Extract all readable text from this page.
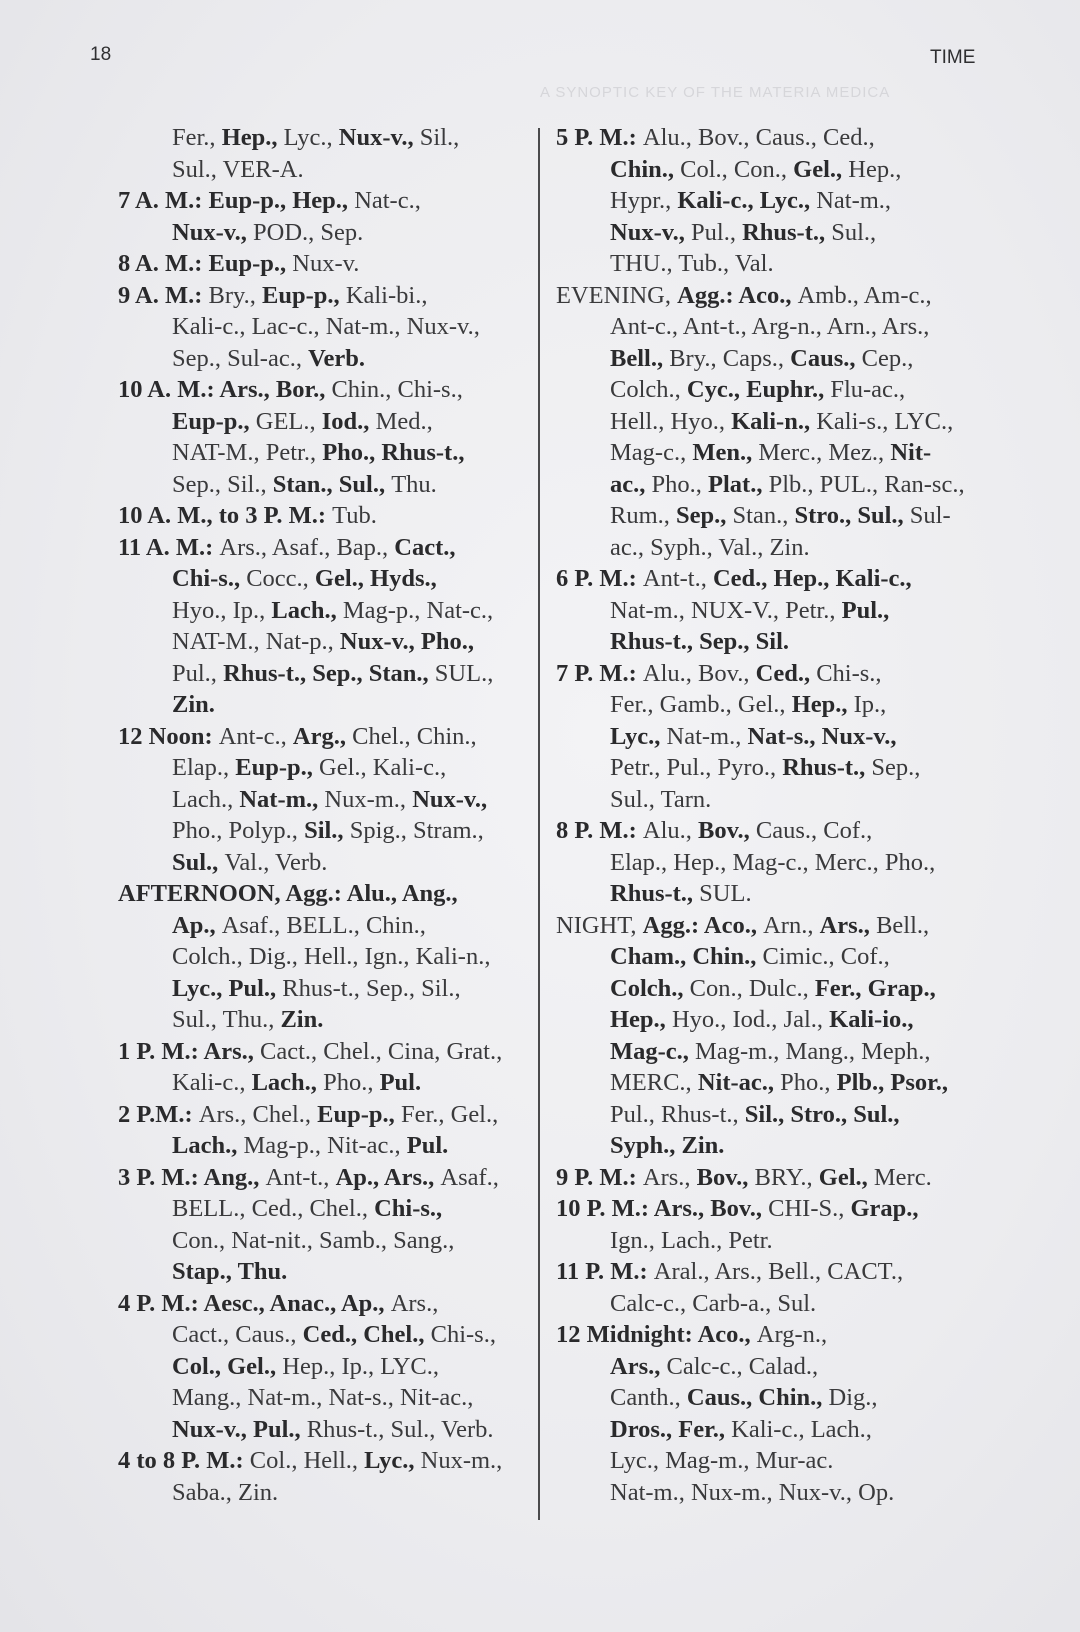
A SYNOPTIC KEY OF THE MATERIA MEDICA
18	TIME
Fer., Hep., Lyc., Nux-v., Sil.,
Sul., VER-A.
7 A. M.: Eup-p., Hep., Nat-c.,
Nux-v., POD., Sep.
8 A. M.: Eup-p., Nux-v.
9 A. M.: Bry., Eup-p., Kali-bi.,
Kali-c., Lac-c., Nat-m., Nux-v.,
Sep., Sul-ac., Verb.
10 A. M.: Ars., Bor., Chin., Chi-s.,
Eup-p., GEL., Iod., Med.,
NAT-M., Petr., Pho., Rhus-t.,
Sep., Sil., Stan., Sul., Thu.
10 A. M., to 3 P. M.: Tub.
11 A. M.: Ars., Asaf., Bap., Cact.,
Chi-s., Cocc., Gel., Hyds.,
Hyo., Ip., Lach., Mag-p., Nat-c.,
NAT-M., Nat-p., Nux-v., Pho.,
Pul., Rhus-t., Sep., Stan., SUL.,
Zin.
12 Noon: Ant-c., Arg., Chel., Chin.,
Elap., Eup-p., Gel., Kali-c.,
Lach., Nat-m., Nux-m., Nux-v.,
Pho., Polyp., Sil., Spig., Stram.,
Sul., Val., Verb.
AFTERNOON, Agg.: Alu., Ang.,
Ap., Asaf., BELL., Chin.,
Colch., Dig., Hell., Ign., Kali-n.,
Lyc., Pul., Rhus-t., Sep., Sil.,
Sul., Thu., Zin.
1 P. M.: Ars., Cact., Chel., Cina, Grat.,
Kali-c., Lach., Pho., Pul.
2 P.M.: Ars., Chel., Eup-p., Fer., Gel.,
Lach., Mag-p., Nit-ac., Pul.
3 P. M.: Ang., Ant-t., Ap., Ars., Asaf.,
BELL., Ced., Chel., Chi-s.,
Con., Nat-nit., Samb., Sang.,
Stap., Thu.
4 P. M.: Aesc., Anac., Ap., Ars.,
Cact., Caus., Ced., Chel., Chi-s.,
Col., Gel., Hep., Ip., LYC.,
Mang., Nat-m., Nat-s., Nit-ac.,
Nux-v., Pul., Rhus-t., Sul., Verb.
4 to 8 P. M.: Col., Hell., Lyc., Nux-m.,
Saba., Zin.
5 P. M.: Alu., Bov., Caus., Ced.,
Chin., Col., Con., Gel., Hep.,
Hypr., Kali-c., Lyc., Nat-m.,
Nux-v., Pul., Rhus-t., Sul.,
THU., Tub., Val.
EVENING, Agg.: Aco., Amb., Am-c.,
Ant-c., Ant-t., Arg-n., Arn., Ars.,
Bell., Bry., Caps., Caus., Cep.,
Colch., Cyc., Euphr., Flu-ac.,
Hell., Hyo., Kali-n., Kali-s., LYC.,
Mag-c., Men., Merc., Mez., Nit-
ac., Pho., Plat., Plb., PUL., Ran-sc.,
Rum., Sep., Stan., Stro., Sul., Sul-
ac., Syph., Val., Zin.
6 P. M.: Ant-t., Ced., Hep., Kali-c.,
Nat-m., NUX-V., Petr., Pul.,
Rhus-t., Sep., Sil.
7 P. M.: Alu., Bov., Ced., Chi-s.,
Fer., Gamb., Gel., Hep., Ip.,
Lyc., Nat-m., Nat-s., Nux-v.,
Petr., Pul., Pyro., Rhus-t., Sep.,
Sul., Tarn.
8 P. M.: Alu., Bov., Caus., Cof.,
Elap., Hep., Mag-c., Merc., Pho.,
Rhus-t., SUL.
NIGHT, Agg.: Aco., Arn., Ars., Bell.,
Cham., Chin., Cimic., Cof.,
Colch., Con., Dulc., Fer., Grap.,
Hep., Hyo., Iod., Jal., Kali-io.,
Mag-c., Mag-m., Mang., Meph.,
MERC., Nit-ac., Pho., Plb., Psor.,
Pul., Rhus-t., Sil., Stro., Sul.,
Syph., Zin.
9 P. M.: Ars., Bov., BRY., Gel., Merc.
10 P. M.: Ars., Bov., CHI-S., Grap.,
Ign., Lach., Petr.
11 P. M.: Aral., Ars., Bell., CACT.,
Calc-c., Carb-a., Sul.
12 Midnight: Aco., Arg-n.,
Ars., Calc-c., Calad.,
Canth., Caus., Chin., Dig.,
Dros., Fer., Kali-c., Lach.,
Lyc., Mag-m., Mur-ac.
Nat-m., Nux-m., Nux-v., Op.
